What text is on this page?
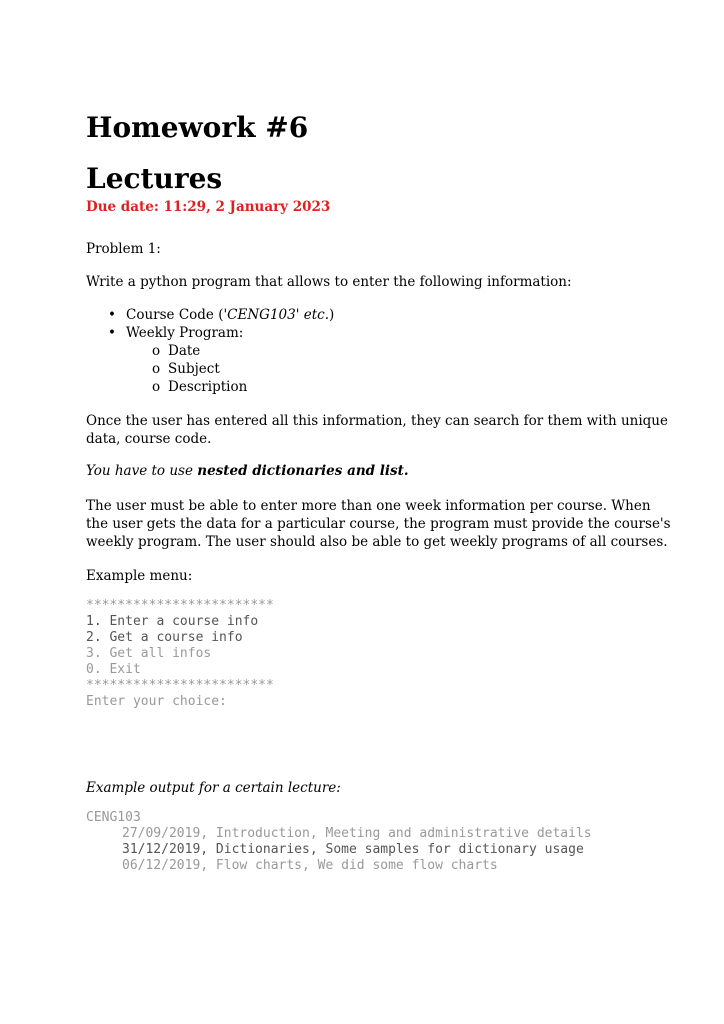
Homework #6
Lectures
Due date: 11:29, 2 January 2023
Problem 1:
Write a python program that allows to enter the following information:
• Course Code ('CENG103' etc.)
• Weekly Program:
o Date
o Subject
o Description
Once the user has entered all this information, they can search for them with unique data, course code.
You have to use nested dictionaries and list.
The user must be able to enter more than one week information per course. When the user gets the data for a particular course, the program must provide the course's weekly program. The user should also be able to get weekly programs of all courses.
Example menu:
************************
1. Enter a course info
2. Get a course info
3. Get all infos
0. Exit
************************
Enter your choice:
Example output for a certain lecture:
CENG103
27/09/2019, Introduction, Meeting and administrative details
31/12/2019, Dictionaries, Some samples for dictionary usage
06/12/2019, Flow charts, We did some flow charts
